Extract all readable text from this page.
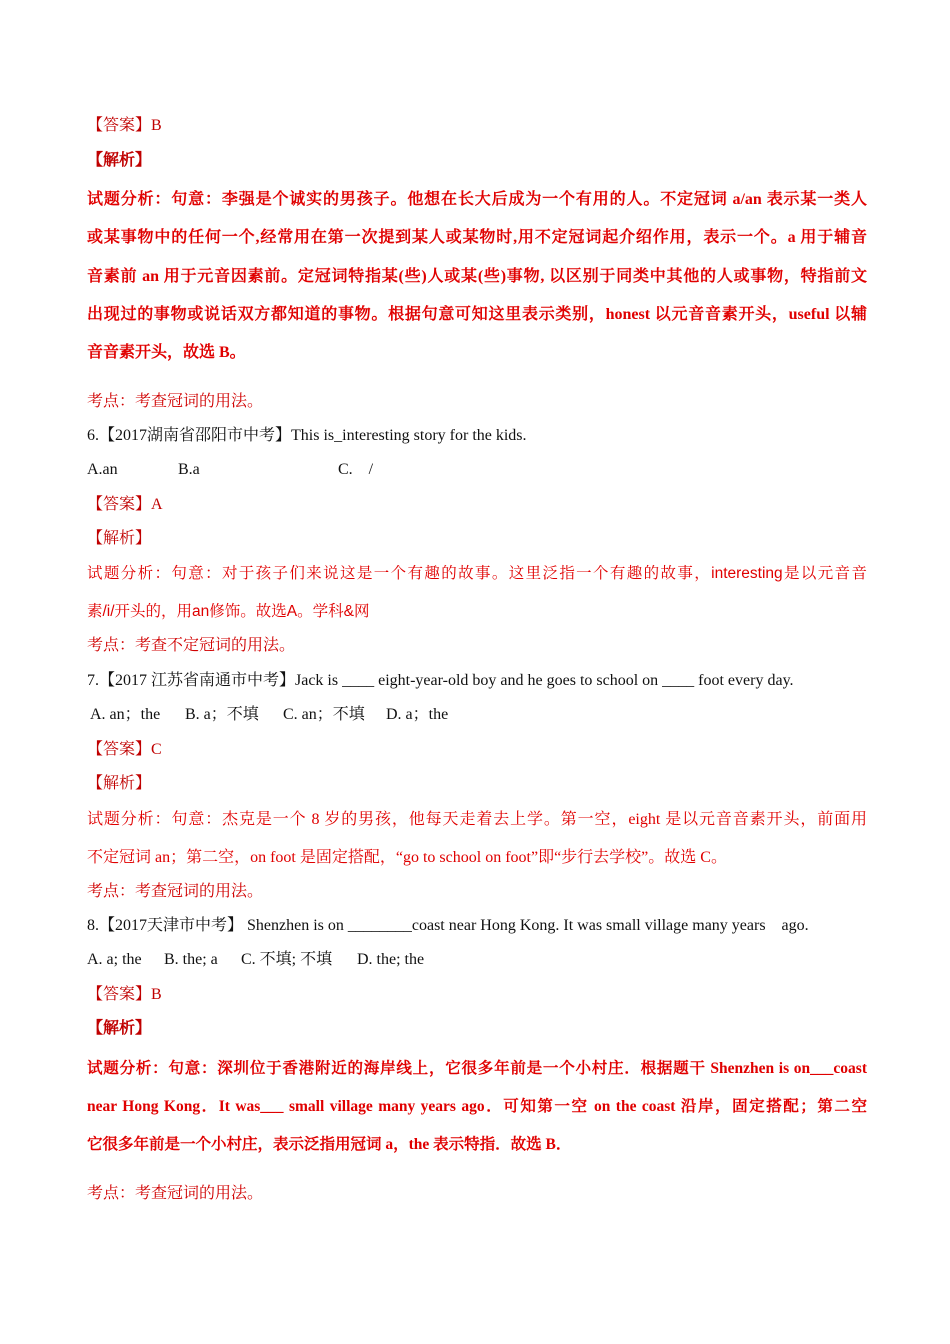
【答案】B
【解析】
试题分析：句意：李强是个诚实的男孩子。他想在长大后成为一个有用的人。不定冠词 a/an 表示某一类人
或某事物中的任何一个,经常用在第一次提到某人或某物时,用不定冠词起介绍作用，表示一个。a 用于辅音
音素前 an 用于元音因素前。定冠词特指某(些)人或某(些)事物, 以区别于同类中其他的人或事物，特指前文
出现过的事物或说话双方都知道的事物。根据句意可知这里表示类别，honest 以元音音素开头，useful 以辅
音音素开头，故选 B。
考点：考查冠词的用法。
6.【2017湖南省邵阳市中考】This is_interesting story for the kids.
A.an	B.a	C.    /
【答案】A
【解析】
试题分析：句意：对于孩子们来说这是一个有趣的故事。这里泛指一个有趣的故事，interesting是以元音音
素/i/开头的，用an修饰。故选A。学科&网
考点：考查不定冠词的用法。
7.【2017 江苏省南通市中考】Jack is ____ eight-year-old boy and he goes to school on ____ foot every day.
A. an；the B. a；不填 C. an；不填 D. a；the
【答案】C
【解析】
试题分析：句意：杰克是一个 8 岁的男孩，他每天走着去上学。第一空，eight 是以元音音素开头，前面用
不定冠词 an；第二空，on foot 是固定搭配，“go to school on foot”即“步行去学校”。故选 C。
考点：考查冠词的用法。
8.【2017天津市中考】 Shenzhen is on ________coast near Hong Kong. It was small village many years    ago.
A. a; the B. the; a C. 不填; 不填 D. the; the
【答案】B
【解析】
试题分析：句意：深圳位于香港附近的海岸线上，它很多年前是一个小村庄．根据题干 Shenzhen is on___coast
near Hong Kong．It was___ small village many years ago．可知第一空 on the coast 沿岸，固定搭配；第二空
它很多年前是一个小村庄，表示泛指用冠词 a，the 表示特指．故选 B．
考点：考查冠词的用法。
